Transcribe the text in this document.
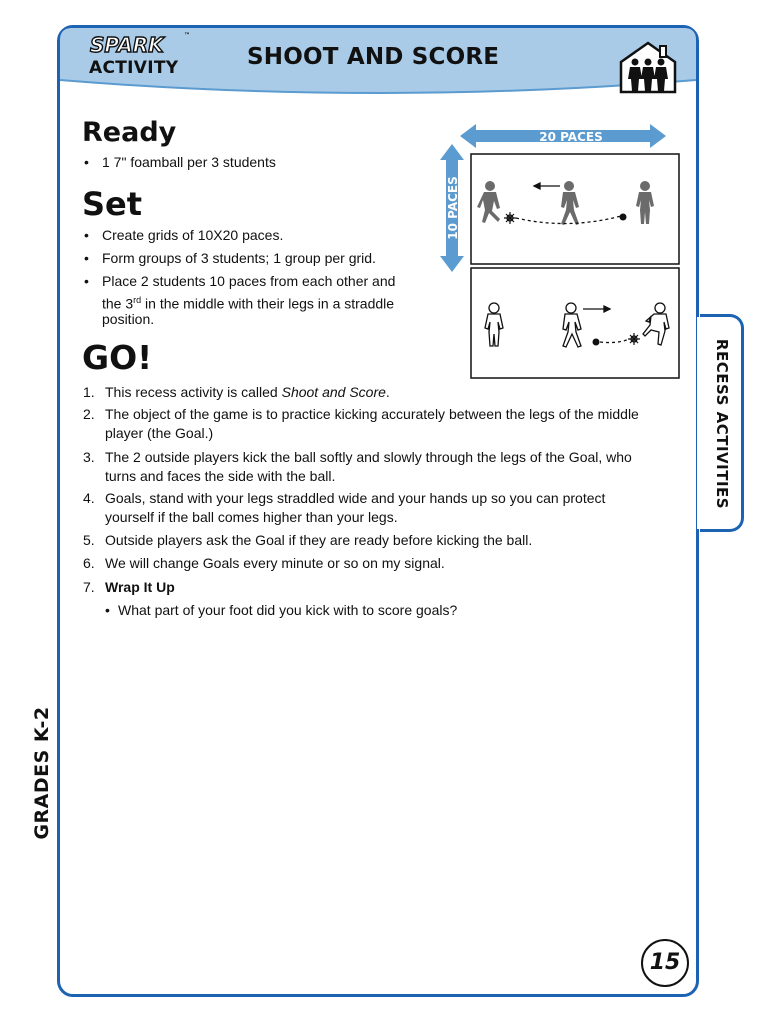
SPARK	™
ACTIVITY	SHOOT AND SCORE
RECESS ACTIVITIES
GRADES K-2
Ready
• 1 7" foamball per 3 students
Set
• Create grids of 10X20 paces.
• Form groups of 3 students; 1 group per grid.
• Place 2 students 10 paces from each other and
the 3rd in the middle with their legs in a straddle
position.
GO!
1. This recess activity is called Shoot and Score.
2. The object of the game is to practice kicking accurately between the legs of the middle
player (the Goal.)
3. The 2 outside players kick the ball softly and slowly through the legs of the Goal, who
turns and faces the side with the ball.
4. Goals, stand with your legs straddled wide and your hands up so you can protect
yourself if the ball comes higher than your legs.
5. Outside players ask the Goal if they are ready before kicking the ball.
6. We will change Goals every minute or so on my signal.
7. Wrap It Up
• What part of your foot did you kick with to score goals?
20 PACES
10 PACES
15
